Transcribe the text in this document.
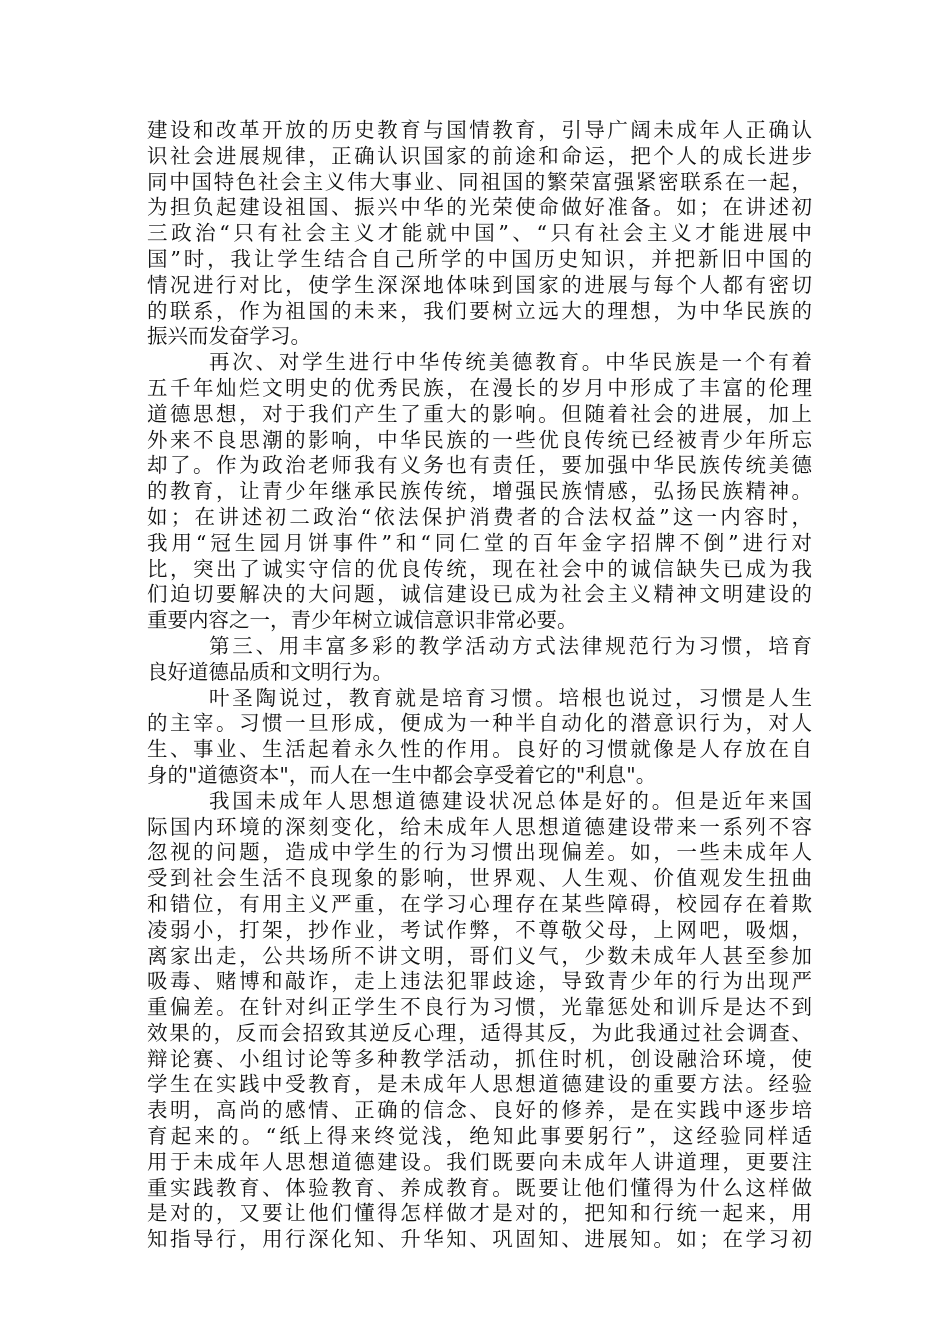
建设和改革开放的历史教育与国情教育，引导广阔未成年人正确认
识社会进展规律，正确认识国家的前途和命运，把个人的成长进步
同中国特色社会主义伟大事业、同祖国的繁荣富强紧密联系在一起，
为担负起建设祖国、振兴中华的光荣使命做好准备。如；在讲述初
三政治“只有社会主义才能就中国”、“只有社会主义才能进展中
国”时，我让学生结合自己所学的中国历史知识，并把新旧中国的
情况进行对比，使学生深深地体味到国家的进展与每个人都有密切
的联系，作为祖国的未来，我们要树立远大的理想，为中华民族的
振兴而发奋学习。
再次、对学生进行中华传统美德教育。中华民族是一个有着
五千年灿烂文明史的优秀民族，在漫长的岁月中形成了丰富的伦理
道德思想，对于我们产生了重大的影响。但随着社会的进展，加上
外来不良思潮的影响，中华民族的一些优良传统已经被青少年所忘
却了。作为政治老师我有义务也有责任，要加强中华民族传统美德
的教育，让青少年继承民族传统，增强民族情感，弘扬民族精神。
如；在讲述初二政治“依法保护消费者的合法权益”这一内容时，
我用“冠生园月饼事件”和“同仁堂的百年金字招牌不倒”进行对
比，突出了诚实守信的优良传统，现在社会中的诚信缺失已成为我
们迫切要解决的大问题，诚信建设已成为社会主义精神文明建设的
重要内容之一，青少年树立诚信意识非常必要。
第三、用丰富多彩的教学活动方式法律规范行为习惯，培育
良好道德品质和文明行为。
叶圣陶说过，教育就是培育习惯。培根也说过，习惯是人生
的主宰。习惯一旦形成，便成为一种半自动化的潜意识行为，对人
生、事业、生活起着永久性的作用。良好的习惯就像是人存放在自
身的"道德资本"，而人在一生中都会享受着它的"利息"。
我国未成年人思想道德建设状况总体是好的。但是近年来国
际国内环境的深刻变化，给未成年人思想道德建设带来一系列不容
忽视的问题，造成中学生的行为习惯出现偏差。如，一些未成年人
受到社会生活不良现象的影响，世界观、人生观、价值观发生扭曲
和错位，有用主义严重，在学习心理存在某些障碍，校园存在着欺
凌弱小，打架，抄作业，考试作弊，不尊敬父母，上网吧，吸烟，
离家出走，公共场所不讲文明，哥们义气，少数未成年人甚至参加
吸毒、赌博和敲诈，走上违法犯罪歧途，导致青少年的行为出现严
重偏差。在针对纠正学生不良行为习惯，光靠惩处和训斥是达不到
效果的，反而会招致其逆反心理，适得其反，为此我通过社会调查、
辩论赛、小组讨论等多种教学活动，抓住时机，创设融洽环境，使
学生在实践中受教育，是未成年人思想道德建设的重要方法。经验
表明，高尚的感情、正确的信念、良好的修养，是在实践中逐步培
育起来的。“纸上得来终觉浅，绝知此事要躬行”，这经验同样适
用于未成年人思想道德建设。我们既要向未成年人讲道理，更要注
重实践教育、体验教育、养成教育。既要让他们懂得为什么这样做
是对的，又要让他们懂得怎样做才是对的，把知和行统一起来，用
知指导行，用行深化知、升华知、巩固知、进展知。如；在学习初
